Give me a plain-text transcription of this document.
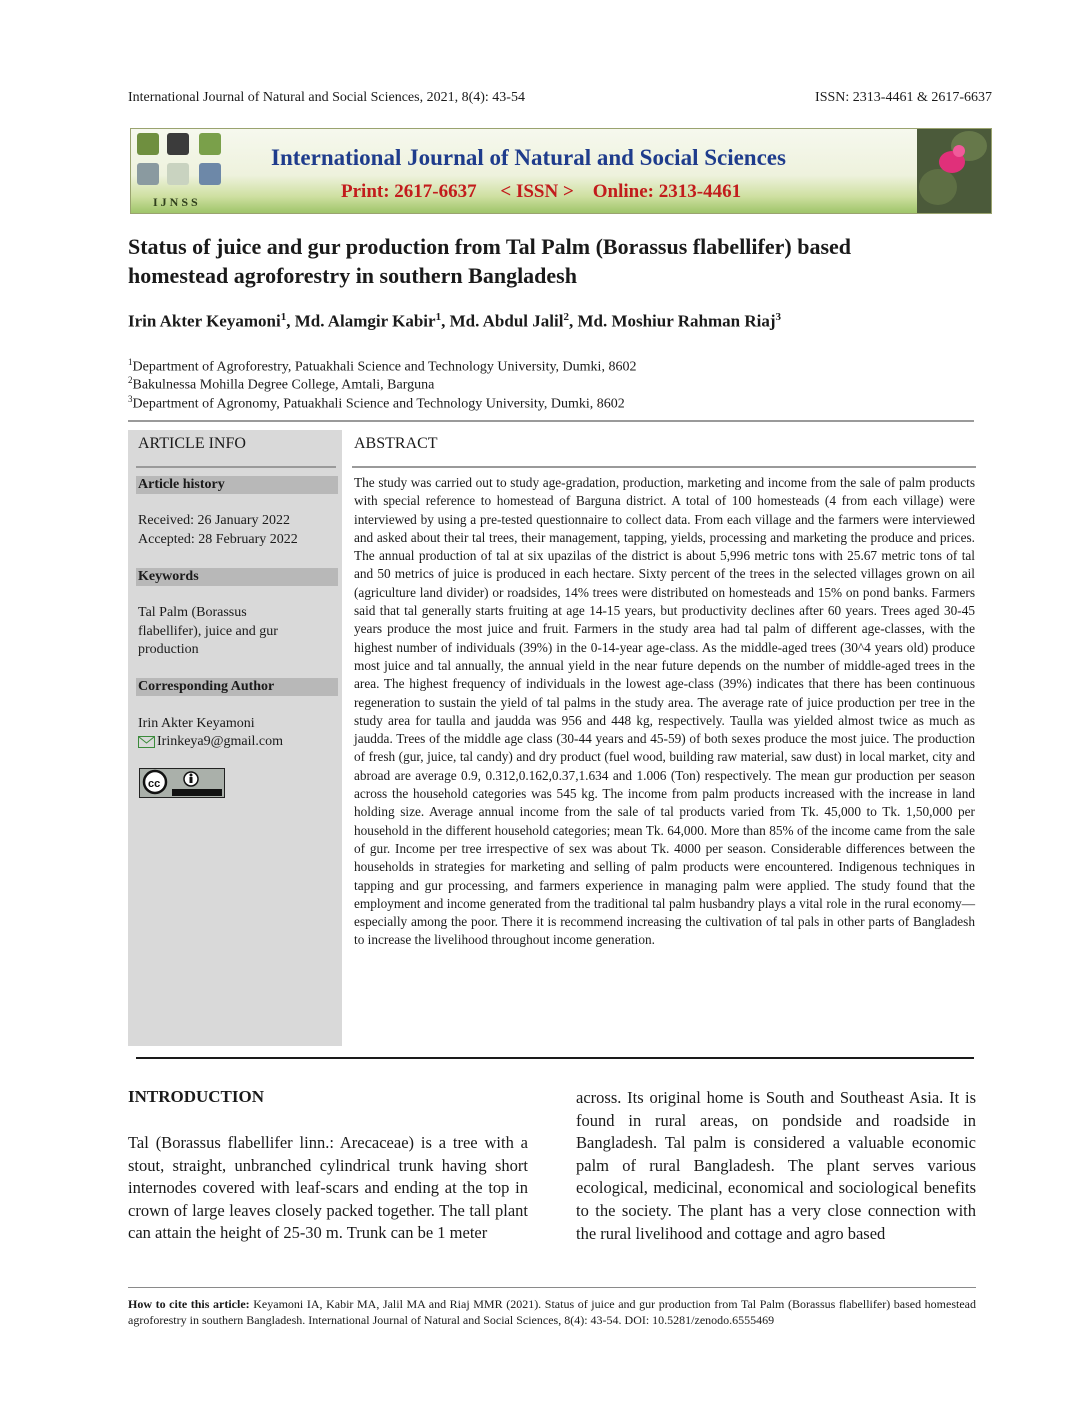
International Journal of Natural and Social Sciences, 2021, 8(4): 43-54	ISSN: 2313-4461 & 2617-6637
IJNSS
International Journal of Natural and Social Sciences
Print: 2617-6637     < ISSN >    Online: 2313-4461
Status of juice and gur production from Tal Palm (Borassus flabellifer) based
homestead agroforestry in southern Bangladesh
Irin Akter Keyamoni$^1$, Md. Alamgir Kabir$^1$, Md. Abdul Jalil$^2$, Md. Moshiur Rahman Riaj$^3$
$^1$Department of Agroforestry, Patuakhali Science and Technology University, Dumki, 8602
$^2$Bakulnessa Mohilla Degree College, Amtali, Barguna
$^3$Department of Agronomy, Patuakhali Science and Technology University, Dumki, 8602
ARTICLE INFO
Article history
Received: 26 January 2022
Accepted: 28 February 2022
Keywords
Tal Palm (Borassus flabellifer), juice and gur production
Corresponding Author
Irin Akter Keyamoni
Irinkeya9@gmail.com
cc
ABSTRACT
The study was carried out to study age-gradation, production, marketing and income from the sale of palm products with special reference to homestead of Barguna district. A total of 100 homesteads (4 from each village) were interviewed by using a pre-tested questionnaire to collect data. From each village and the farmers were interviewed and asked about their tal trees, their management, tapping, yields, processing and marketing the produce and prices. The annual production of tal at six upazilas of the district is about 5,996 metric tons with 25.67 metric tons of tal and 50 metrics of juice is produced in each hectare. Sixty percent of the trees in the selected villages grown on ail (agriculture land divider) or roadsides, 14% trees were distributed on homesteads and 15% on pond banks. Farmers said that tal generally starts fruiting at age 14-15 years, but productivity declines after 60 years. Trees aged 30-45 years produce the most juice and fruit. Farmers in the study area had tal palm of different age-classes, with the highest number of individuals (39%) in the 0-14-year age-class. As the middle-aged trees (30^4 years old) produce most juice and tal annually, the annual yield in the near future depends on the number of middle-aged trees in the area. The highest frequency of individuals in the lowest age-class (39%) indicates that there has been continuous regeneration to sustain the yield of tal palms in the study area. The average rate of juice production per tree in the study area for taulla and jaudda was 956 and 448 kg, respectively. Taulla was yielded almost twice as much as jaudda. Trees of the middle age class (30-44 years and 45-59) of both sexes produce the most juice. The production of fresh (gur, juice, tal candy) and dry product (fuel wood, building raw material, saw dust) in local market, city and abroad are average 0.9, 0.312,0.162,0.37,1.634 and 1.006 (Ton) respectively. The mean gur production per season across the household categories was 545 kg. The income from palm products increased with the increase in land holding size. Average annual income from the sale of tal products varied from Tk. 45,000 to Tk. 1,50,000 per household in the different household categories; mean Tk. 64,000. More than 85% of the income came from the sale of gur. Income per tree irrespective of sex was about Tk. 4000 per season. Considerable differences between the households in strategies for marketing and selling of palm products were encountered. Indigenous techniques in tapping and gur processing, and farmers experience in managing palm were applied. The study found that the employment and income generated from the traditional tal palm husbandry plays a vital role in the rural economy—especially among the poor. There it is recommend increasing the cultivation of tal pals in other parts of Bangladesh to increase the livelihood throughout income generation.
INTRODUCTION
Tal (Borassus flabellifer linn.: Arecaceae) is a tree with a stout, straight, unbranched cylindrical trunk having short internodes covered with leaf-scars and ending at the top in crown of large leaves closely packed together. The tall plant can attain the height of 25-30 m. Trunk can be 1 meter
across. Its original home is South and Southeast Asia. It is found in rural areas, on pondside and roadside in Bangladesh. Tal palm is considered a valuable economic palm of rural Bangladesh. The plant serves various ecological, medicinal, economical and sociological benefits to the society. The plant has a very close connection with the rural livelihood and cottage and agro based
How to cite this article: Keyamoni IA, Kabir MA, Jalil MA and Riaj MMR (2021). Status of juice and gur production from Tal Palm (Borassus flabellifer) based homestead agroforestry in southern Bangladesh. International Journal of Natural and Social Sciences, 8(4): 43-54. DOI: 10.5281/zenodo.6555469
